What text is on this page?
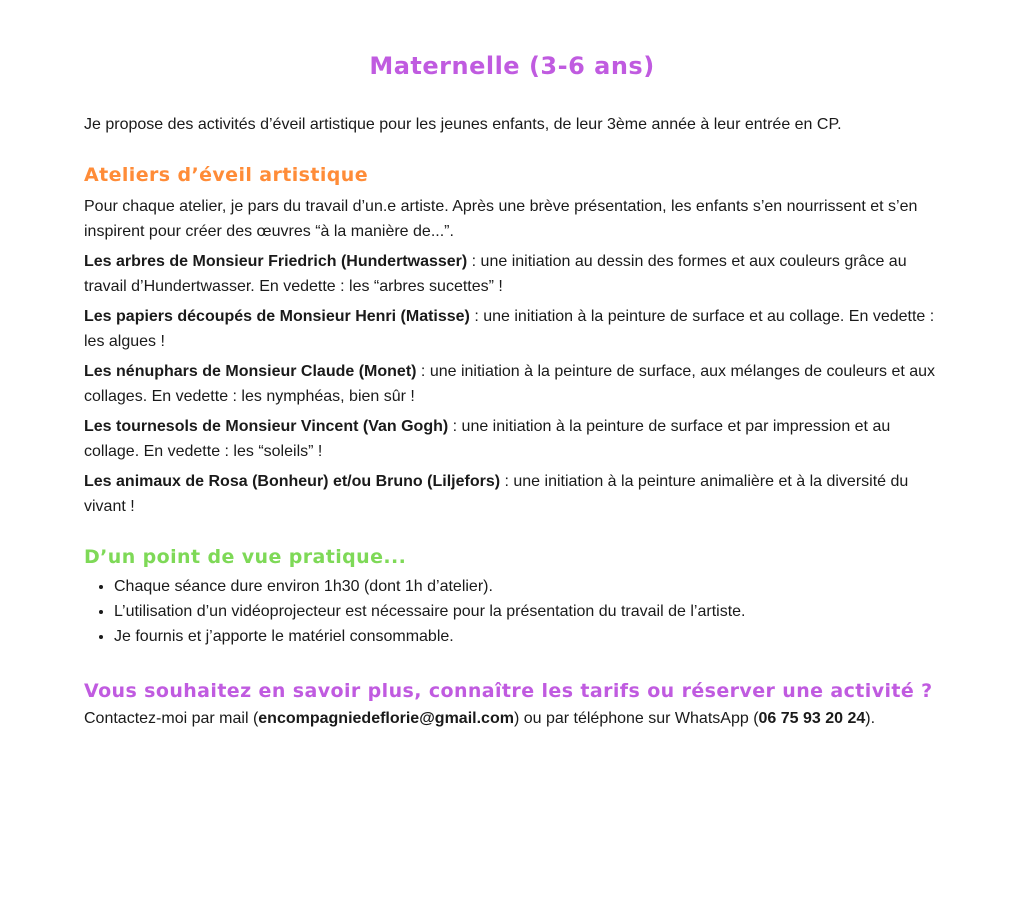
Maternelle (3-6 ans)

Je propose des activités d’éveil artistique pour les jeunes enfants, de leur 3ème année à leur entrée en CP.

Ateliers d’éveil artistique

Pour chaque atelier, je pars du travail d’un.e artiste. Après une brève présentation, les enfants s’en nourrissent et s’en inspirent pour créer des œuvres “à la manière de...”.

Les arbres de Monsieur Friedrich (Hundertwasser) : une initiation au dessin des formes et aux couleurs grâce au travail d’Hundertwasser. En vedette : les “arbres sucettes” !

Les papiers découpés de Monsieur Henri (Matisse) : une initiation à la peinture de surface et au collage. En vedette : les algues !

Les nénuphars de Monsieur Claude (Monet) : une initiation à la peinture de surface, aux mélanges de couleurs et aux collages. En vedette : les nymphéas, bien sûr !

Les tournesols de Monsieur Vincent (Van Gogh) : une initiation à la peinture de surface et par impression et au collage. En vedette : les “soleils” !

Les animaux de Rosa (Bonheur) et/ou Bruno (Liljefors) : une initiation à la peinture animalière et à la diversité du vivant !

D’un point de vue pratique...
• Chaque séance dure environ 1h30 (dont 1h d’atelier).
• L’utilisation d’un vidéoprojecteur est nécessaire pour la présentation du travail de l’artiste.
• Je fournis et j’apporte le matériel consommable.
Vous souhaitez en savoir plus, connaître les tarifs ou réserver une activité ?

Contactez-moi par mail (encompagniedeflorie@gmail.com) ou par téléphone sur WhatsApp (06 75 93 20 24).
